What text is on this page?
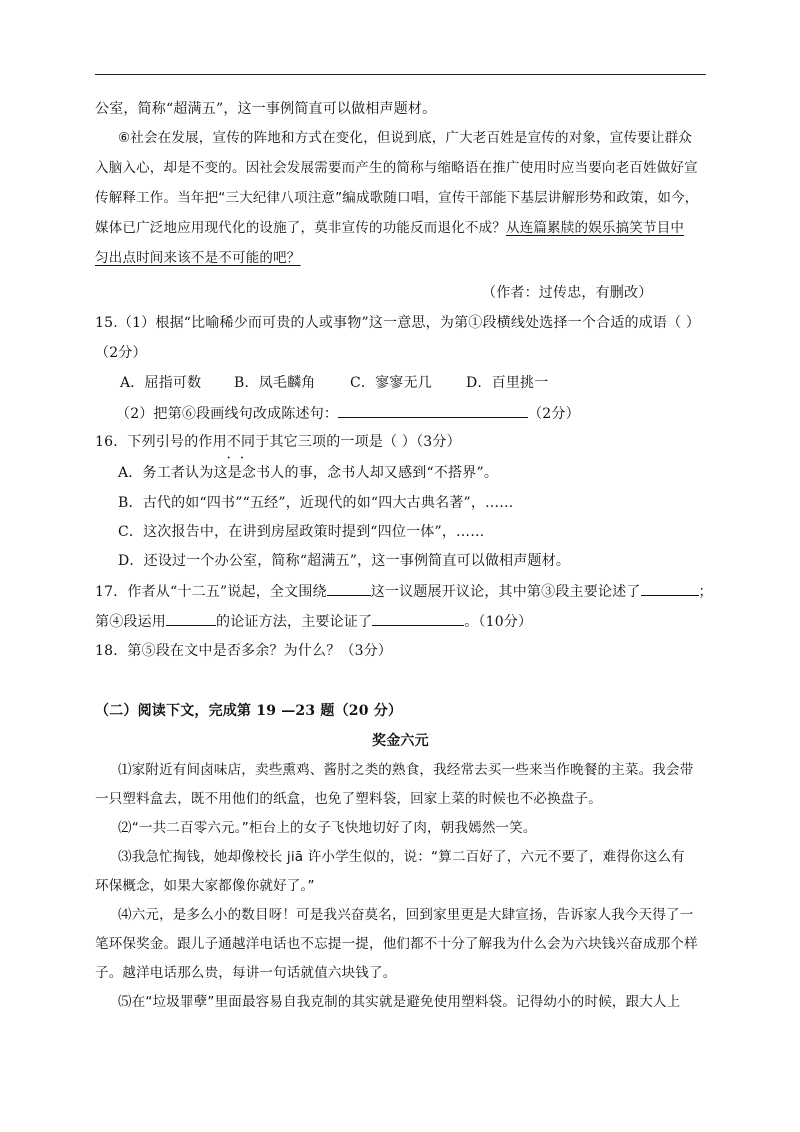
公室，简称“超满五”，这一事例简直可以做相声题材。
⑥社会在发展，宣传的阵地和方式在变化，但说到底，广大老百姓是宣传的对象，宣传要让群众
入脑入心，却是不变的。因社会发展需要而产生的简称与缩略语在推广使用时应当要向老百姓做好宣
传解释工作。当年把“三大纪律八项注意”编成歌随口唱，宣传干部能下基层讲解形势和政策，如今，
媒体已广泛地应用现代化的设施了，莫非宣传的功能反而退化不成？从连篇累牍的娱乐搞笑节目中
匀出点时间来该不是不可能的吧？
（作者：过传忠，有删改）
15.（1）根据“比喻稀少而可贵的人或事物”这一意思，为第①段横线处选择一个合适的成语（ ）
（2分）
A．屈指可数 B．凤毛麟角 C．寥寥无几 D．百里挑一
（2）把第⑥段画线句改成陈述句：	（2分）
16．下列引号的作用不同于 • •其它三项的一项是（ ）（3分）
A．务工者认为这是念书人的事，念书人却又感到“不搭界”。
B．古代的如“四书”“五经”，近现代的如“四大古典名著”，……
C．这次报告中，在讲到房屋政策时提到“四位一体”，……
D．还设过一个办公室，简称“超满五”，这一事例简直可以做相声题材。
17．作者从“十二五”说起，全文围绕	这一议题展开议论，其中第③段主要论述了	；
第④段运用	的论证方法，主要论证了	。（10分）
18．第⑤段在文中是否多余？为什么？（3分）
（二）阅读下文，完成第 19 —23 题（20 分）
奖金六元
⑴家附近有间卤味店，卖些熏鸡、酱肘之类的熟食，我经常去买一些来当作晚餐的主菜。我会带
一只塑料盒去，既不用他们的纸盒，也免了塑料袋，回家上菜的时候也不必换盘子。
⑵“一共二百零六元。”柜台上的女子飞快地切好了肉，朝我嫣然一笑。
⑶我急忙掏钱，她却像校长 jiā 许小学生似的，说：“算二百好了，六元不要了，难得你这么有
环保概念，如果大家都像你就好了。”
⑷六元，是多么小的数目呀！可是我兴奋莫名，回到家里更是大肆宣扬，告诉家人我今天得了一
笔环保奖金。跟儿子通越洋电话也不忘提一提，他们都不十分了解我为什么会为六块钱兴奋成那个样
子。越洋电话那么贵，每讲一句话就值六块钱了。
⑸在“垃圾罪孽”里面最容易自我克制的其实就是避免使用塑料袋。记得幼小的时候，跟大人上
